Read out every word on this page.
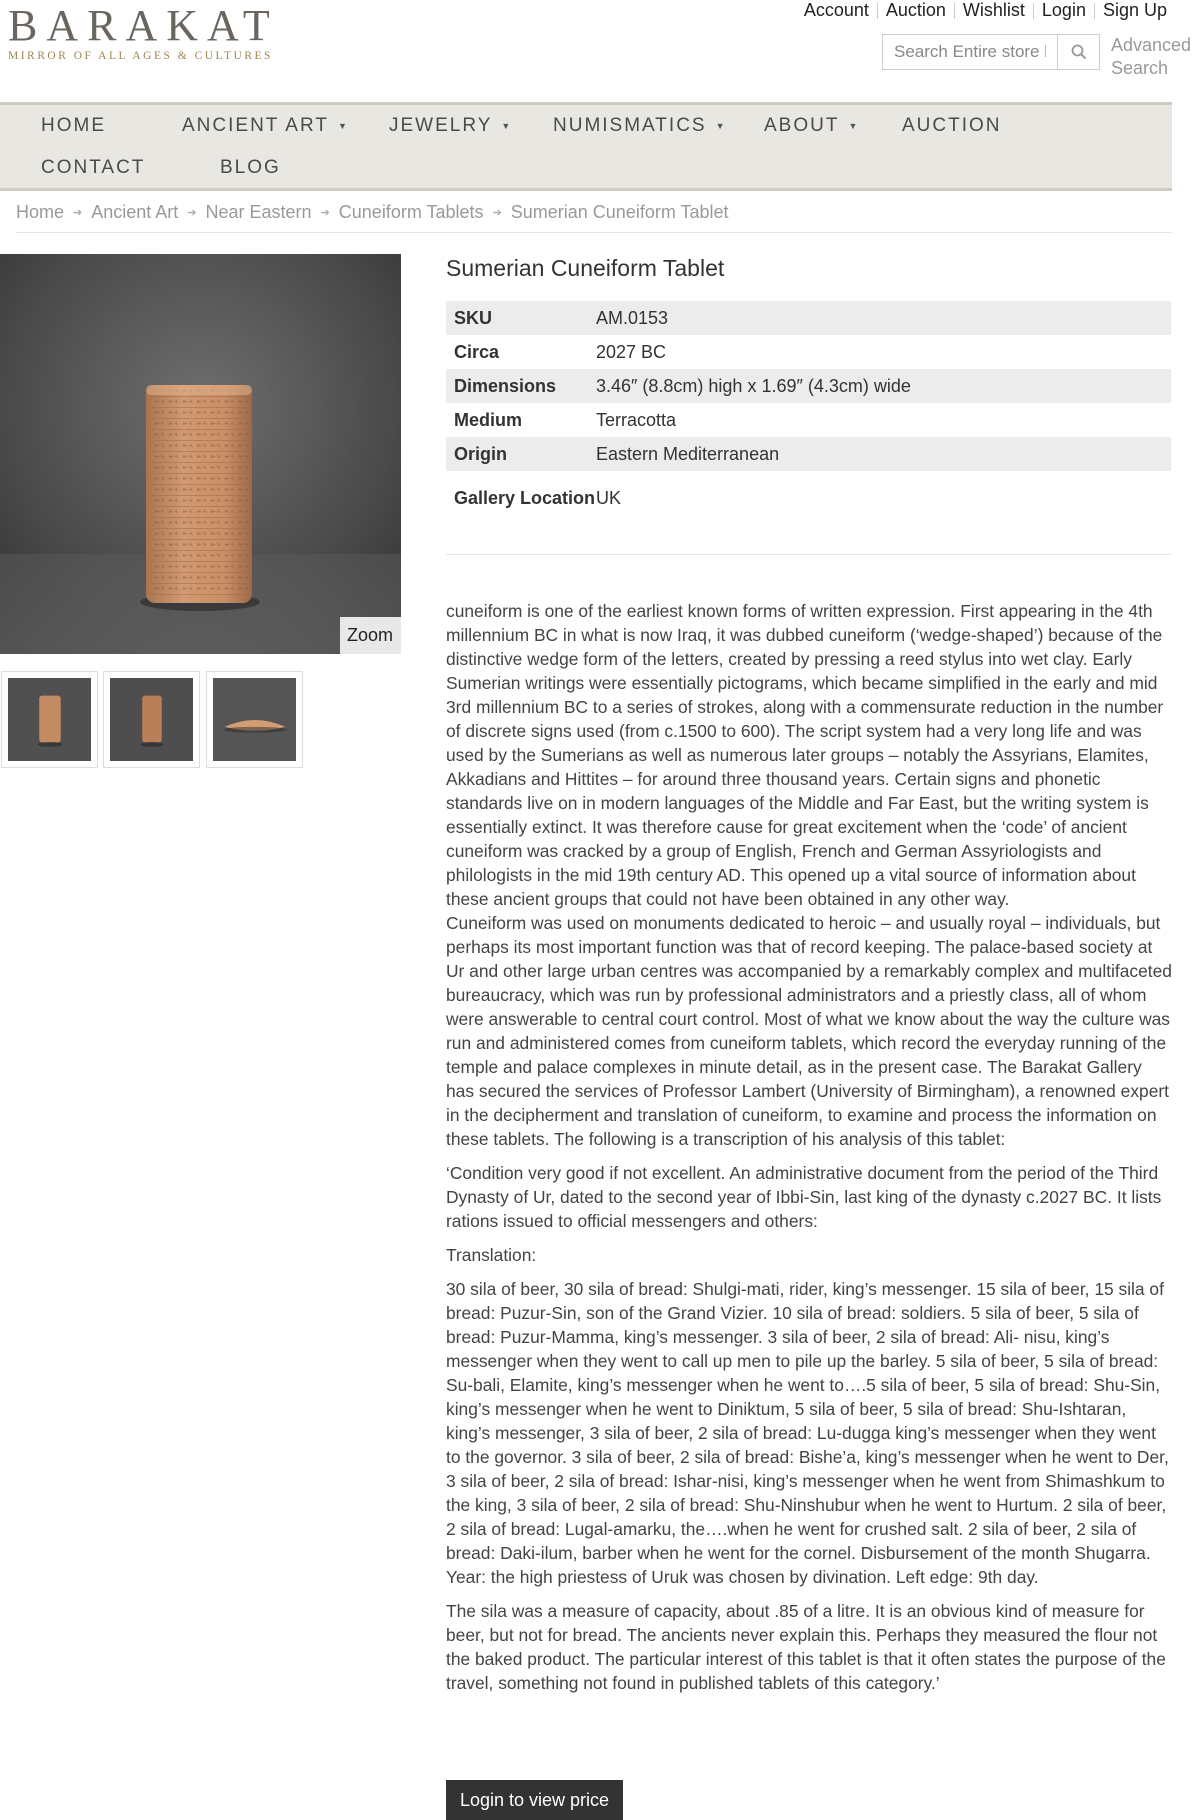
BARAKAT
MIRROR OF ALL AGES & CULTURES
Account Auction Wishlist Login Sign Up
Search Entire store here...
Advanced Search
HOME	ANCIENT ART ▼ JEWELRY ▼ NUMISMATICS ▼ ABOUT ▼ AUCTION
CONTACT	BLOG
Home ➔ Ancient Art ➔ Near Eastern ➔ Cuneiform Tablets ➔ Sumerian Cuneiform Tablet
Zoom
Sumerian Cuneiform Tablet
SKU	AM.0153
Circa	2027 BC
Dimensions	3.46″ (8.8cm) high x 1.69″ (4.3cm) wide
Medium	Terracotta
Origin	Eastern Mediterranean
Gallery Location	UK

cuneiform is one of the earliest known forms of written expression. First appearing in the 4th millennium BC in what is now Iraq, it was dubbed cuneiform (‘wedge-shaped’) because of the distinctive wedge form of the letters, created by pressing a reed stylus into wet clay. Early Sumerian writings were essentially pictograms, which became simplified in the early and mid 3rd millennium BC to a series of strokes, along with a commensurate reduction in the number of discrete signs used (from c.1500 to 600). The script system had a very long life and was used by the Sumerians as well as numerous later groups – notably the Assyrians, Elamites, Akkadians and Hittites – for around three thousand years. Certain signs and phonetic standards live on in modern languages of the Middle and Far East, but the writing system is essentially extinct. It was therefore cause for great excitement when the ‘code’ of ancient cuneiform was cracked by a group of English, French and German Assyriologists and philologists in the mid 19th century AD. This opened up a vital source of information about these ancient groups that could not have been obtained in any other way.

Cuneiform was used on monuments dedicated to heroic – and usually royal – individuals, but perhaps its most important function was that of record keeping. The palace-based society at Ur and other large urban centres was accompanied by a remarkably complex and multifaceted bureaucracy, which was run by professional administrators and a priestly class, all of whom were answerable to central court control. Most of what we know about the way the culture was run and administered comes from cuneiform tablets, which record the everyday running of the temple and palace complexes in minute detail, as in the present case. The Barakat Gallery has secured the services of Professor Lambert (University of Birmingham), a renowned expert in the decipherment and translation of cuneiform, to examine and process the information on these tablets. The following is a transcription of his analysis of this tablet:

‘Condition very good if not excellent. An administrative document from the period of the Third Dynasty of Ur, dated to the second year of Ibbi-Sin, last king of the dynasty c.2027 BC. It lists rations issued to official messengers and others:

Translation:

30 sila of beer, 30 sila of bread: Shulgi-mati, rider, king’s messenger. 15 sila of beer, 15 sila of bread: Puzur-Sin, son of the Grand Vizier. 10 sila of bread: soldiers. 5 sila of beer, 5 sila of bread: Puzur-Mamma, king’s messenger. 3 sila of beer, 2 sila of bread: Ali- nisu, king’s messenger when they went to call up men to pile up the barley. 5 sila of beer, 5 sila of bread: Su-bali, Elamite, king’s messenger when he went to….5 sila of beer, 5 sila of bread: Shu-Sin, king’s messenger when he went to Diniktum, 5 sila of beer, 5 sila of bread: Shu-Ishtaran, king’s messenger, 3 sila of beer, 2 sila of bread: Lu-dugga king’s messenger when they went to the governor. 3 sila of beer, 2 sila of bread: Bishe’a, king’s messenger when he went to Der, 3 sila of beer, 2 sila of bread: Ishar-nisi, king’s messenger when he went from Shimashkum to the king, 3 sila of beer, 2 sila of bread: Shu-Ninshubur when he went to Hurtum. 2 sila of beer, 2 sila of bread: Lugal-amarku, the….when he went for crushed salt. 2 sila of beer, 2 sila of bread: Daki-ilum, barber when he went for the cornel. Disbursement of the month Shugarra. Year: the high priestess of Uruk was chosen by divination. Left edge: 9th day.

The sila was a measure of capacity, about .85 of a litre. It is an obvious kind of measure for beer, but not for bread. The ancients never explain this. Perhaps they measured the flour not the baked product. The particular interest of this tablet is that it often states the purpose of the travel, something not found in published tablets of this category.’

Login to view price
